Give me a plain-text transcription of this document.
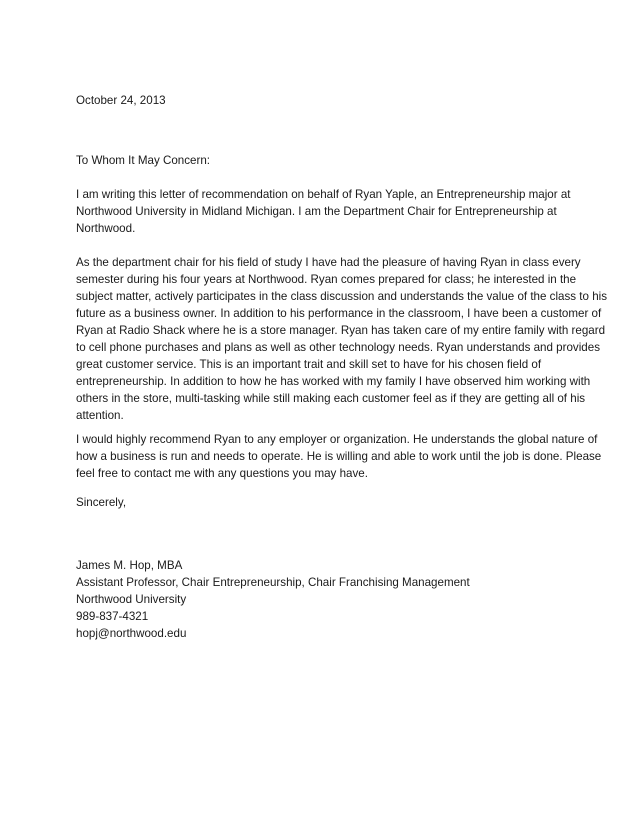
October 24, 2013

To Whom It May Concern:

I am writing this letter of recommendation on behalf of Ryan Yaple, an Entrepreneurship major at
Northwood University in Midland Michigan. I am the Department Chair for Entrepreneurship at
Northwood.

As the department chair for his field of study I have had the pleasure of having Ryan in class every
semester during his four years at Northwood. Ryan comes prepared for class; he interested in the
subject matter, actively participates in the class discussion and understands the value of the class to his
future as a business owner. In addition to his performance in the classroom, I have been a customer of
Ryan at Radio Shack where he is a store manager. Ryan has taken care of my entire family with regard
to cell phone purchases and plans as well as other technology needs. Ryan understands and provides
great customer service. This is an important trait and skill set to have for his chosen field of
entrepreneurship. In addition to how he has worked with my family I have observed him working with
others in the store, multi-tasking while still making each customer feel as if they are getting all of his
attention.

I would highly recommend Ryan to any employer or organization. He understands the global nature of
how a business is run and needs to operate. He is willing and able to work until the job is done. Please
feel free to contact me with any questions you may have.

Sincerely,

James M. Hop, MBA
Assistant Professor, Chair Entrepreneurship, Chair Franchising Management
Northwood University
989-837-4321
hopj@northwood.edu
